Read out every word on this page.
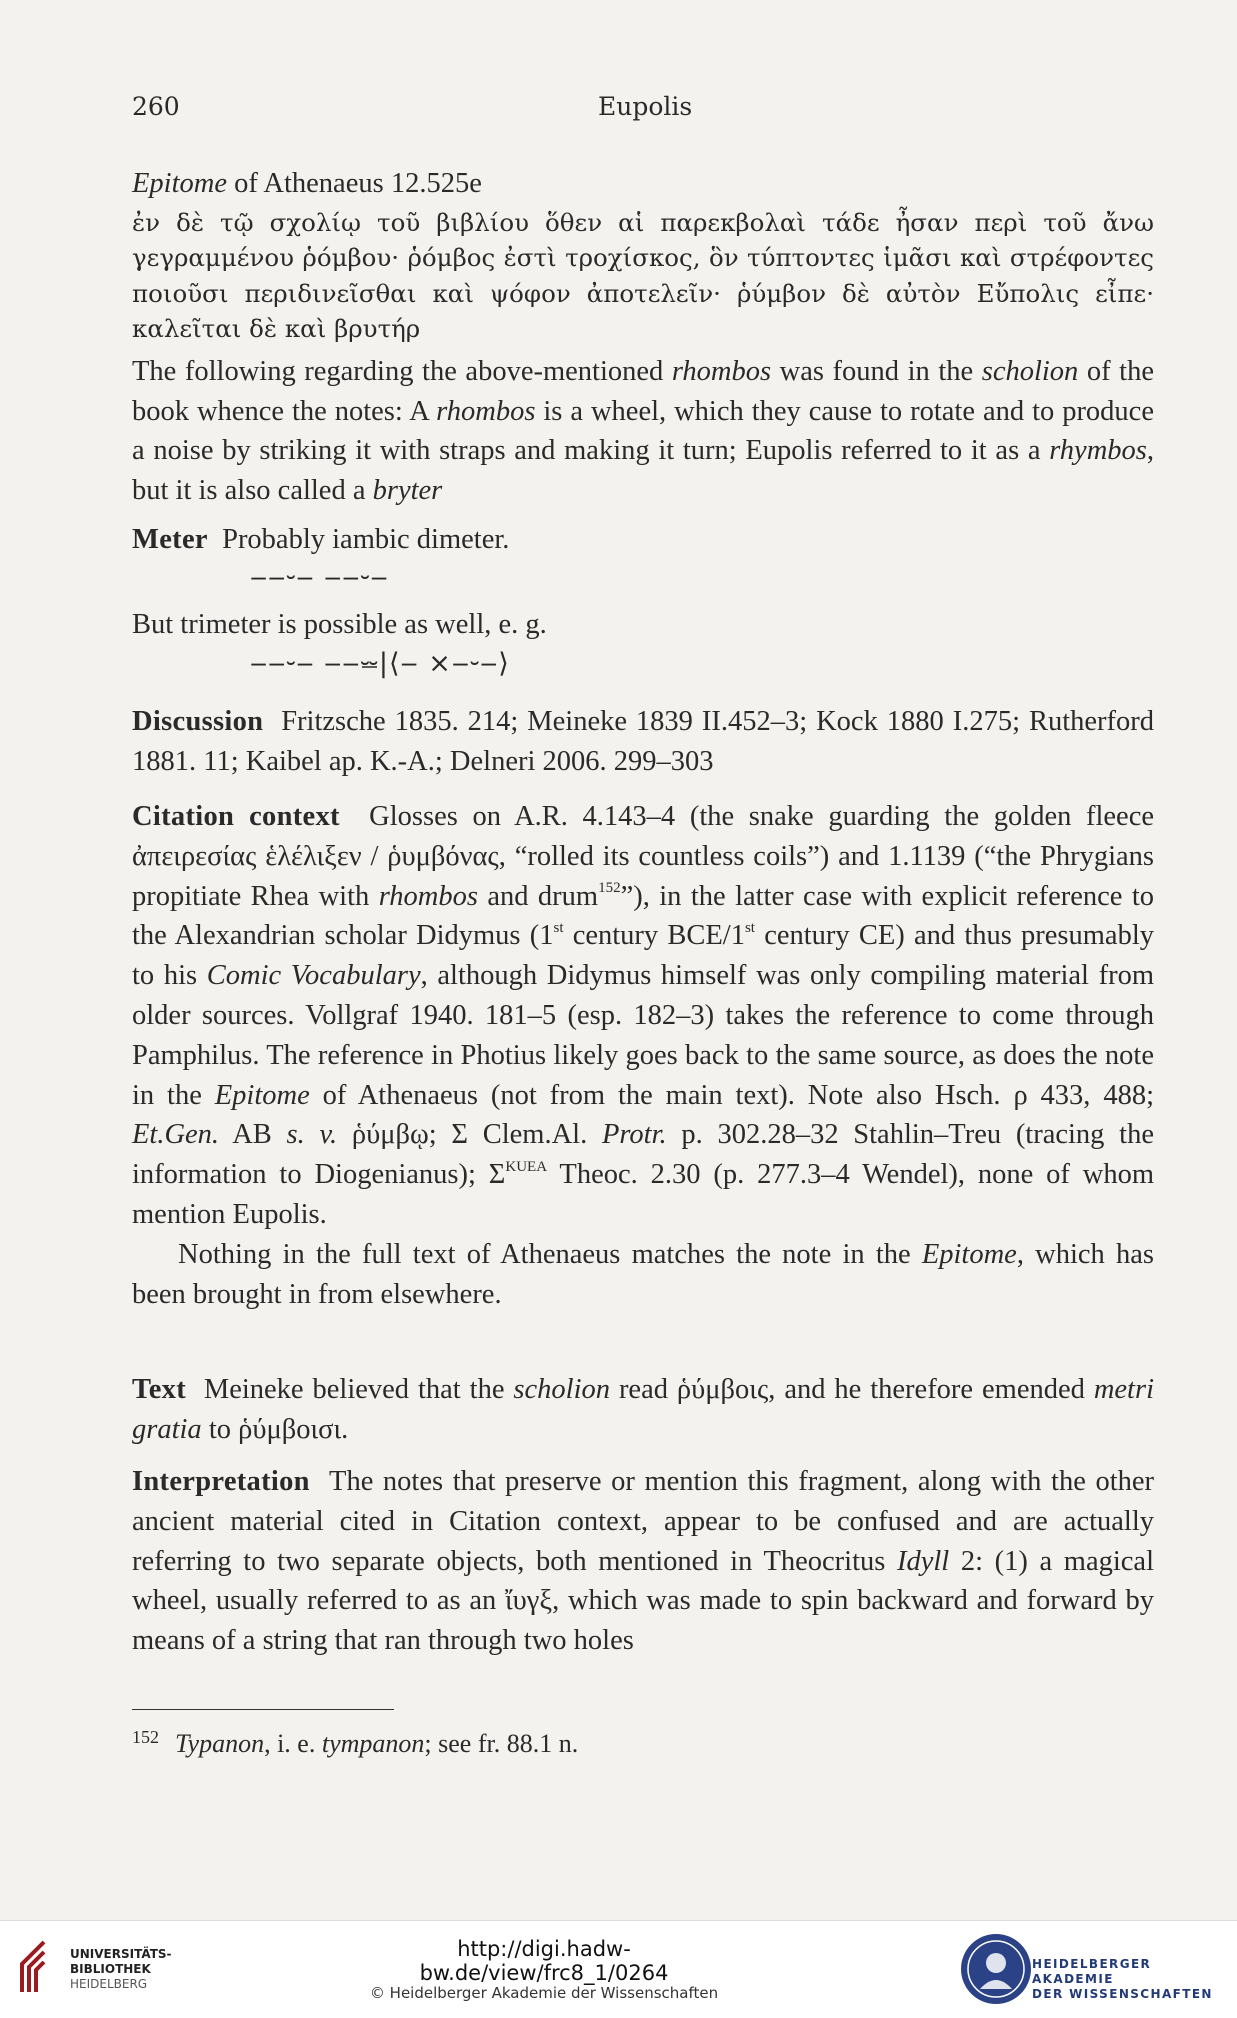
260	Eupolis

Epitome of Athenaeus 12.525e

ἐν δὲ τῷ σχολίῳ τοῦ βιβλίου ὅθεν αἱ παρεκβολαὶ τάδε ἦσαν περὶ τοῦ ἄνω γεγραμμένου ῥόμβου· ῥόμβος ἐστὶ τροχίσκος, ὃν τύπτοντες ἱμᾶσι καὶ στρέφοντες ποιοῦσι περιδινεῖσθαι καὶ ψόφον ἀποτελεῖν· ῥύμβον δὲ αὐτὸν Εὔπολις εἶπε· καλεῖται δὲ καὶ βρυτήρ

The following regarding the above-mentioned rhombos was found in the scholion of the book whence the notes: A rhombos is a wheel, which they cause to rotate and to produce a noise by striking it with straps and making it turn; Eupolis referred to it as a rhymbos, but it is also called a bryter

Meter Probably iambic dimeter.
‒‒⏑‒ ‒‒⏑‒
But trimeter is possible as well, e. g.
‒‒⏑‒ ‒‒⏕|⟨‒ ×‒⏑‒⟩

Discussion Fritzsche 1835. 214; Meineke 1839 II.452–3; Kock 1880 I.275; Rutherford 1881. 11; Kaibel ap. K.-A.; Delneri 2006. 299–303

Citation context Glosses on A.R. 4.143–4 (the snake guarding the golden fleece ἀπειρεσίας ἑλέλιξεν / ῥυμβόνας, “rolled its countless coils”) and 1.1139 (“the Phrygians propitiate Rhea with rhombos and drum$^{152}$”), in the latter case with explicit reference to the Alexandrian scholar Didymus (1st century BCE/1st century CE) and thus presumably to his Comic Vocabulary, although Didymus himself was only compiling material from older sources. Vollgraf 1940. 181–5 (esp. 182–3) takes the reference to come through Pamphilus. The reference in Photius likely goes back to the same source, as does the note in the Epitome of Athenaeus (not from the main text). Note also Hsch. ρ 433, 488; Et.Gen. AB s. v. ῥύμβῳ; Σ Clem.Al. Protr. p. 302.28–32 Stahlin–Treu (tracing the information to Diogenianus); $\Sigma^{KUEA}$ Theoc. 2.30 (p. 277.3–4 Wendel), none of whom mention Eupolis.

Nothing in the full text of Athenaeus matches the note in the Epitome, which has been brought in from elsewhere.

Text Meineke believed that the scholion read ῥύμβοις, and he therefore emended metri gratia to ῥύμβοισι.

Interpretation The notes that preserve or mention this fragment, along with the other ancient material cited in Citation context, appear to be confused and are actually referring to two separate objects, both mentioned in Theocritus Idyll 2: (1) a magical wheel, usually referred to as an ἴυγξ, which was made to spin backward and forward by means of a string that ran through two holes

$^{152}$ Typanon, i. e. tympanon; see fr. 88.1 n.
UNIVERSITÄTS-
BIBLIOTHEK
HEIDELBERG
http://digi.hadw-bw.de/view/frc8_1/0264
© Heidelberger Akademie der Wissenschaften
HEIDELBERGER AKADEMIE
DER WISSENSCHAFTEN
